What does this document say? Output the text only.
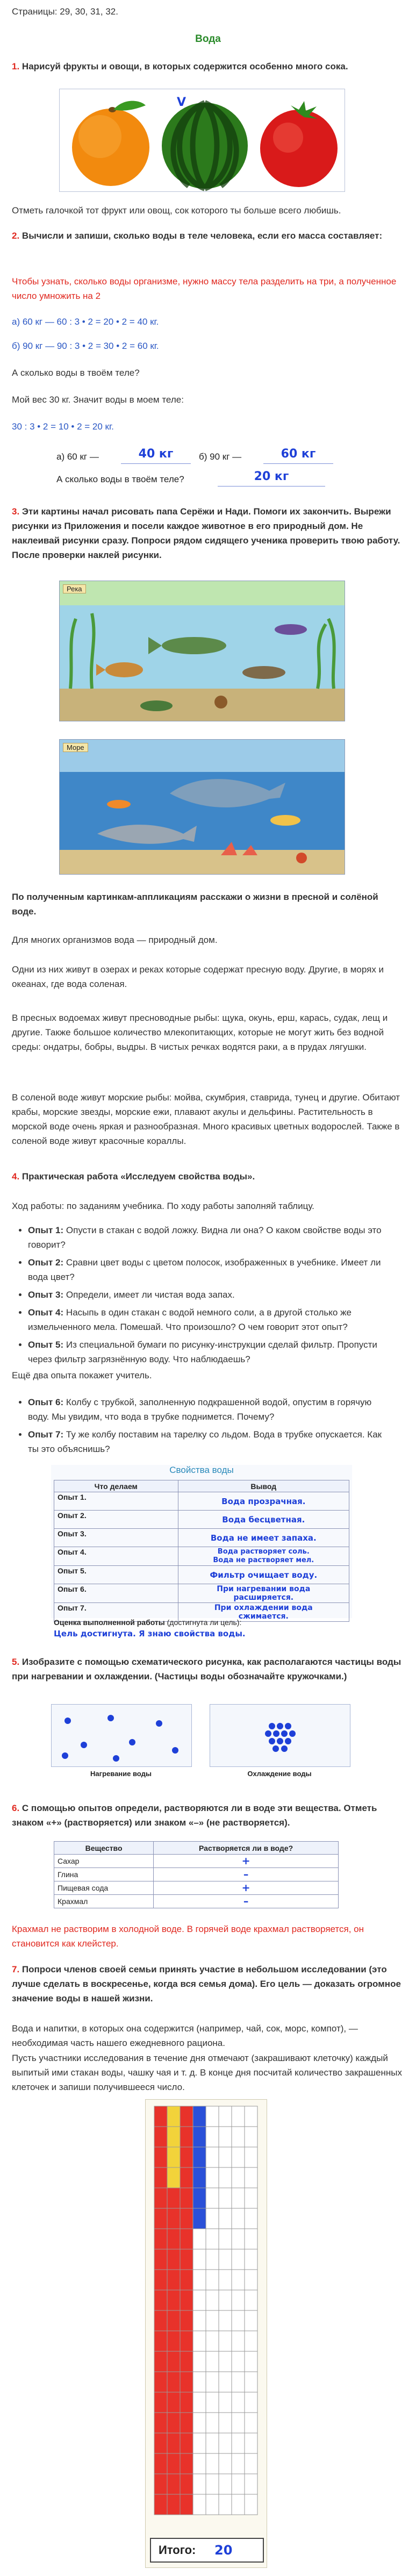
Страницы: 29, 30, 31, 32.
Вода
1. Нарисуй фрукты и овощи, в которых содержится особенно много сока.
V
Отметь галочкой тот фрукт или овощ, сок которого ты больше всего любишь.
2. Вычисли и запиши, сколько воды в теле человека, если его масса составляет:
Чтобы узнать, сколько воды организме, нужно массу тела разделить на три, а полученное число умножить на 2
а) 60 кг — 60 : 3 • 2 = 20 • 2 = 40 кг.
б) 90 кг — 90 : 3 • 2 = 30 • 2 = 60 кг.
А сколько воды в твоём теле?
Мой вес 30 кг. Значит воды в моем теле:
30 : 3 • 2 = 10 • 2 = 20 кг.
а) 60 кг —	40 кг	б) 90 кг —	60 кг
А сколько воды в твоём теле?	20 кг
3. Эти картины начал рисовать папа Серёжи и Нади. Помоги их закончить. Вырежи рисунки из Приложения и посели каждое животное в его природный дом. Не наклеивай рисунки сразу. Попроси рядом сидящего ученика проверить твою работу. После проверки наклей рисунки.
Река
Море
По полученным картинкам-аппликациям расскажи о жизни в пресной и солёной воде.
Для многих организмов вода — природный дом.
Одни из них живут в озерах и реках которые содержат пресную воду. Другие, в морях и океанах, где вода соленая.
В пресных водоемах живут пресноводные рыбы: щука, окунь, ерш, карась, судак, лещ и другие. Также большое количество млекопитающих, которые не могут жить без водной среды: ондатры, бобры, выдры. В чистых речках водятся раки, а в прудах лягушки.
В соленой воде живут морские рыбы: мойва, скумбрия, ставрида, тунец и другие. Обитают крабы, морские звезды, морские ежи, плавают акулы и дельфины. Растительность в морской воде очень яркая и разнообразная. Много красивых цветных водорослей. Также в соленой воде живут красочные кораллы.
4. Практическая работа «Исследуем свойства воды».
Ход работы: по заданиям учебника. По ходу работы заполняй таблицу.
• Опыт 1: Опусти в стакан с водой ложку. Видна ли она? О каком свойстве воды это говорит?
• Опыт 2: Сравни цвет воды с цветом полосок, изображенных в учебнике. Имеет ли вода цвет?
• Опыт 3: Определи, имеет ли чистая вода запах.
• Опыт 4: Насыпь в один стакан с водой немного соли, а в другой столько же измельченного мела. Помешай. Что произошло? О чем говорит этот опыт?
• Опыт 5: Из специальной бумаги по рисунку-инструкции сделай фильтр. Пропусти через фильтр загрязнённую воду. Что наблюдаешь?
Ещё два опыта покажет учитель.
• Опыт 6: Колбу с трубкой, заполненную подкрашенной водой, опустим в горячую воду. Мы увидим, что вода в трубке поднимется. Почему?
• Опыт 7: Ту же колбу поставим на тарелку со льдом. Вода в трубке опускается. Как ты это объяснишь?
Свойства воды
Что делаем	Вывод
Опыт 1.	Вода прозрачная.
Опыт 2.	Вода бесцветная.
Опыт 3.	Вода не имеет запаха.
Опыт 4.	Вода растворяет соль.
Вода не растворяет мел.
Опыт 5.	Фильтр очищает воду.
Опыт 6.	При нагревании вода
расширяется.
Опыт 7.	При охлаждении вода
сжимается.
Оценка выполненной работы (достигнута ли цель):
Цель достигнута. Я знаю свойства воды.
5. Изобразите с помощью схематического рисунка, как располагаются частицы воды при нагревании и охлаждении. (Частицы воды обозначайте кружочками.)
Нагревание воды	Охлаждение воды
6. С помощью опытов определи, растворяются ли в воде эти вещества. Отметь знаком «+» (растворяется) или знаком «–» (не растворяется).
Вещество	Растворяется ли в воде?
Сахар	+
Глина	–
Пищевая сода	+
Крахмал	–
Крахмал не растворим в холодной воде. В горячей воде крахмал растворяется, он становится как клейстер.
7. Попроси членов своей семьи принять участие в небольшом исследовании (это лучше сделать в воскресенье, когда вся семья дома). Его цель — доказать огромное значение воды в нашей жизни.
Вода и напитки, в которых она содержится (например, чай, сок, морс, компот), — необходимая часть нашего ежедневного рациона.
Пусть участники исследования в течение дня отмечают (закрашивают клеточку) каждый выпитый ими стакан воды, чашку чая и т. д. В конце дня посчитай количество закрашенных клеточек и запиши получившееся число.
Итого: 20
